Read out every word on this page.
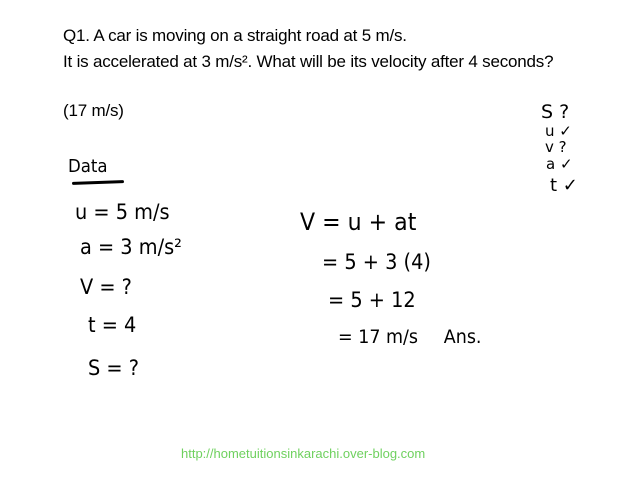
Q1. A car is moving on a straight road at 5 m/s.
It is accelerated at 3 m/s². What will be its velocity after 4 seconds?
(17 m/s)
Data
u = 5 m/s
a = 3 m/s²
V = ?
t = 4
S = ?
V = u + at
= 5 + 3 (4)
= 5 + 12
= 17 m/s Ans.
S ?
u ✓
v ?
a ✓
t ✓
http://hometuitionsinkarachi.over-blog.com
